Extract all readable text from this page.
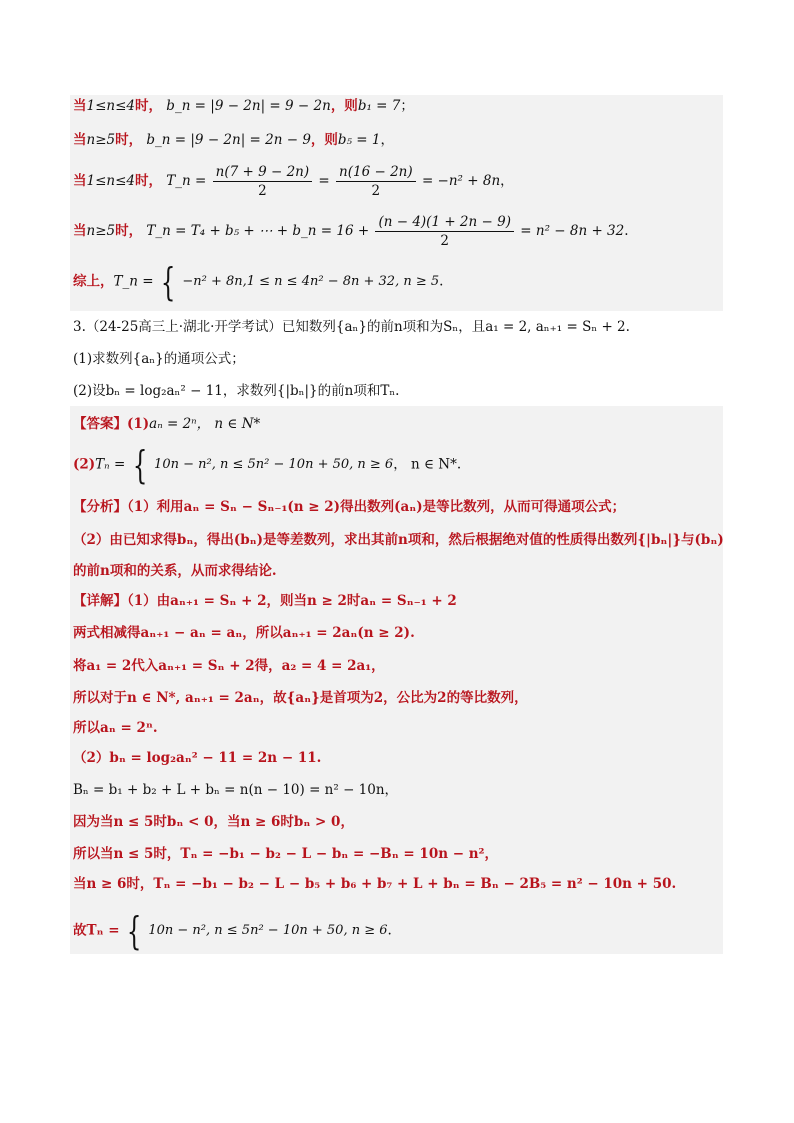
当1≤n≤4时， b_n = |9 − 2n| = 9 − 2n，则b₁ = 7；
当n≥5时， b_n = |9 − 2n| = 2n − 9，则b₅ = 1，
当1≤n≤4时， T_n = $\frac{n(7 + 9 - 2n)}{2} = \frac{n(16 - 2n)}{2} = -n^2 + 8n$，
当n≥5时， T_n = T₄ + b₅ + ⋯ + b_n = $16 + \frac{(n - 4)(1 + 2n - 9)}{2} = n^2 - 8n + 32$.
综上，T_n = { −n² + 8n,1 ≤ n ≤ 4n² − 8n + 32, n ≥ 5.
3.（24-25高三上·湖北·开学考试）已知数列{aₙ}的前n项和为Sₙ，且a₁ = 2, aₙ₊₁ = Sₙ + 2.
(1)求数列{aₙ}的通项公式；
(2)设bₙ = log₂aₙ² − 11，求数列{|bₙ|}的前n项和Tₙ.
【答案】(1)aₙ = 2ⁿ， n ∈ N*
(2)Tₙ = { 10n − n², n ≤ 5n² − 10n + 50, n ≥ 6， n ∈ N*.
【分析】（1）利用aₙ = Sₙ − Sₙ₋₁(n ≥ 2)得出数列(aₙ)是等比数列，从而可得通项公式；
（2）由已知求得bₙ，得出(bₙ)是等差数列，求出其前n项和，然后根据绝对值的性质得出数列{|bₙ|}与(bₙ)
的前n项和的关系，从而求得结论.
【详解】（1）由aₙ₊₁ = Sₙ + 2，则当n ≥ 2时aₙ = Sₙ₋₁ + 2
两式相减得aₙ₊₁ − aₙ = aₙ，所以aₙ₊₁ = 2aₙ(n ≥ 2).
将a₁ = 2代入aₙ₊₁ = Sₙ + 2得，a₂ = 4 = 2a₁，
所以对于n ∈ N*, aₙ₊₁ = 2aₙ，故{aₙ}是首项为2，公比为2的等比数列，
所以aₙ = 2ⁿ.
（2）bₙ = log₂aₙ² − 11 = 2n − 11.
Bₙ = b₁ + b₂ + L + bₙ = n(n − 10) = n² − 10n，
因为当n ≤ 5时bₙ < 0，当n ≥ 6时bₙ > 0，
所以当n ≤ 5时，Tₙ = −b₁ − b₂ − L − bₙ = −Bₙ = 10n − n²，
当n ≥ 6时，Tₙ = −b₁ − b₂ − L − b₅ + b₆ + b₇ + L + bₙ = Bₙ − 2B₅ = n² − 10n + 50.
故Tₙ = { 10n − n², n ≤ 5n² − 10n + 50, n ≥ 6.
